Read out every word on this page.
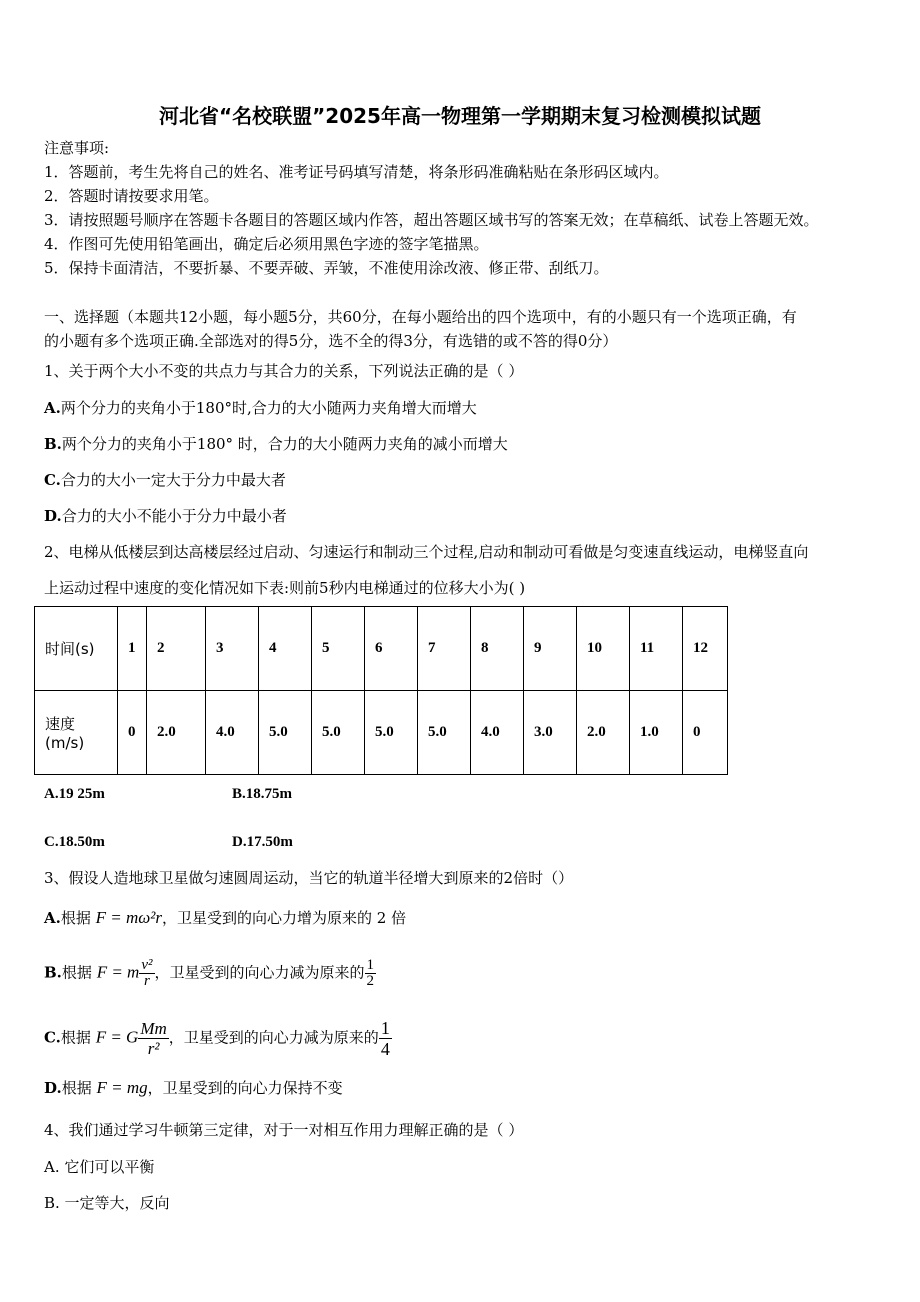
河北省“名校联盟”2025年高一物理第一学期期末复习检测模拟试题
注意事项:
1．答题前，考生先将自己的姓名、准考证号码填写清楚，将条形码准确粘贴在条形码区域内。
2．答题时请按要求用笔。
3．请按照题号顺序在答题卡各题目的答题区域内作答，超出答题区域书写的答案无效；在草稿纸、试卷上答题无效。
4．作图可先使用铅笔画出，确定后必须用黑色字迹的签字笔描黑。
5．保持卡面清洁，不要折暴、不要弄破、弄皱，不准使用涂改液、修正带、刮纸刀。
一、选择题（本题共12小题，每小题5分，共60分，在每小题给出的四个选项中，有的小题只有一个选项正确，有
的小题有多个选项正确.全部选对的得5分，选不全的得3分，有选错的或不答的得0分）
1、关于两个大小不变的共点力与其合力的关系，下列说法正确的是（ ）
A.两个分力的夹角小于180°时,合力的大小随两力夹角增大而增大
B.两个分力的夹角小于180° 时，合力的大小随两力夹角的减小而增大
C.合力的大小一定大于分力中最大者
D.合力的大小不能小于分力中最小者
2、电梯从低楼层到达高楼层经过启动、匀速运行和制动三个过程,启动和制动可看做是匀变速直线运动，电梯竖直向
上运动过程中速度的变化情况如下表:则前5秒内电梯通过的位移大小为( )
时间(s)	1	2	3	4	5	6	7	8	9	10	11	12
速度
(m/s)	0	2.0	4.0	5.0	5.0	5.0	5.0	4.0	3.0	2.0	1.0	0
A.19 25m	B.18.75m
C.18.50m	D.17.50m
3、假设人造地球卫星做匀速圆周运动，当它的轨道半径增大到原来的2倍时（）
A.根据 F = mω²r，卫星受到的向心力增为原来的 2 倍
B.根据 F = m $\frac{\text{v²}}{r}$ ，卫星受到的向心力减为原来的 $\frac{1}{2}$
C.根据 F = G $\frac{Mm}{\text{r²}}$ ，卫星受到的向心力减为原来的 $\frac{1}{4}$
D.根据 F = mg，卫星受到的向心力保持不变
4、我们通过学习牛顿第三定律，对于一对相互作用力理解正确的是（ ）
A. 它们可以平衡
B. 一定等大，反向
